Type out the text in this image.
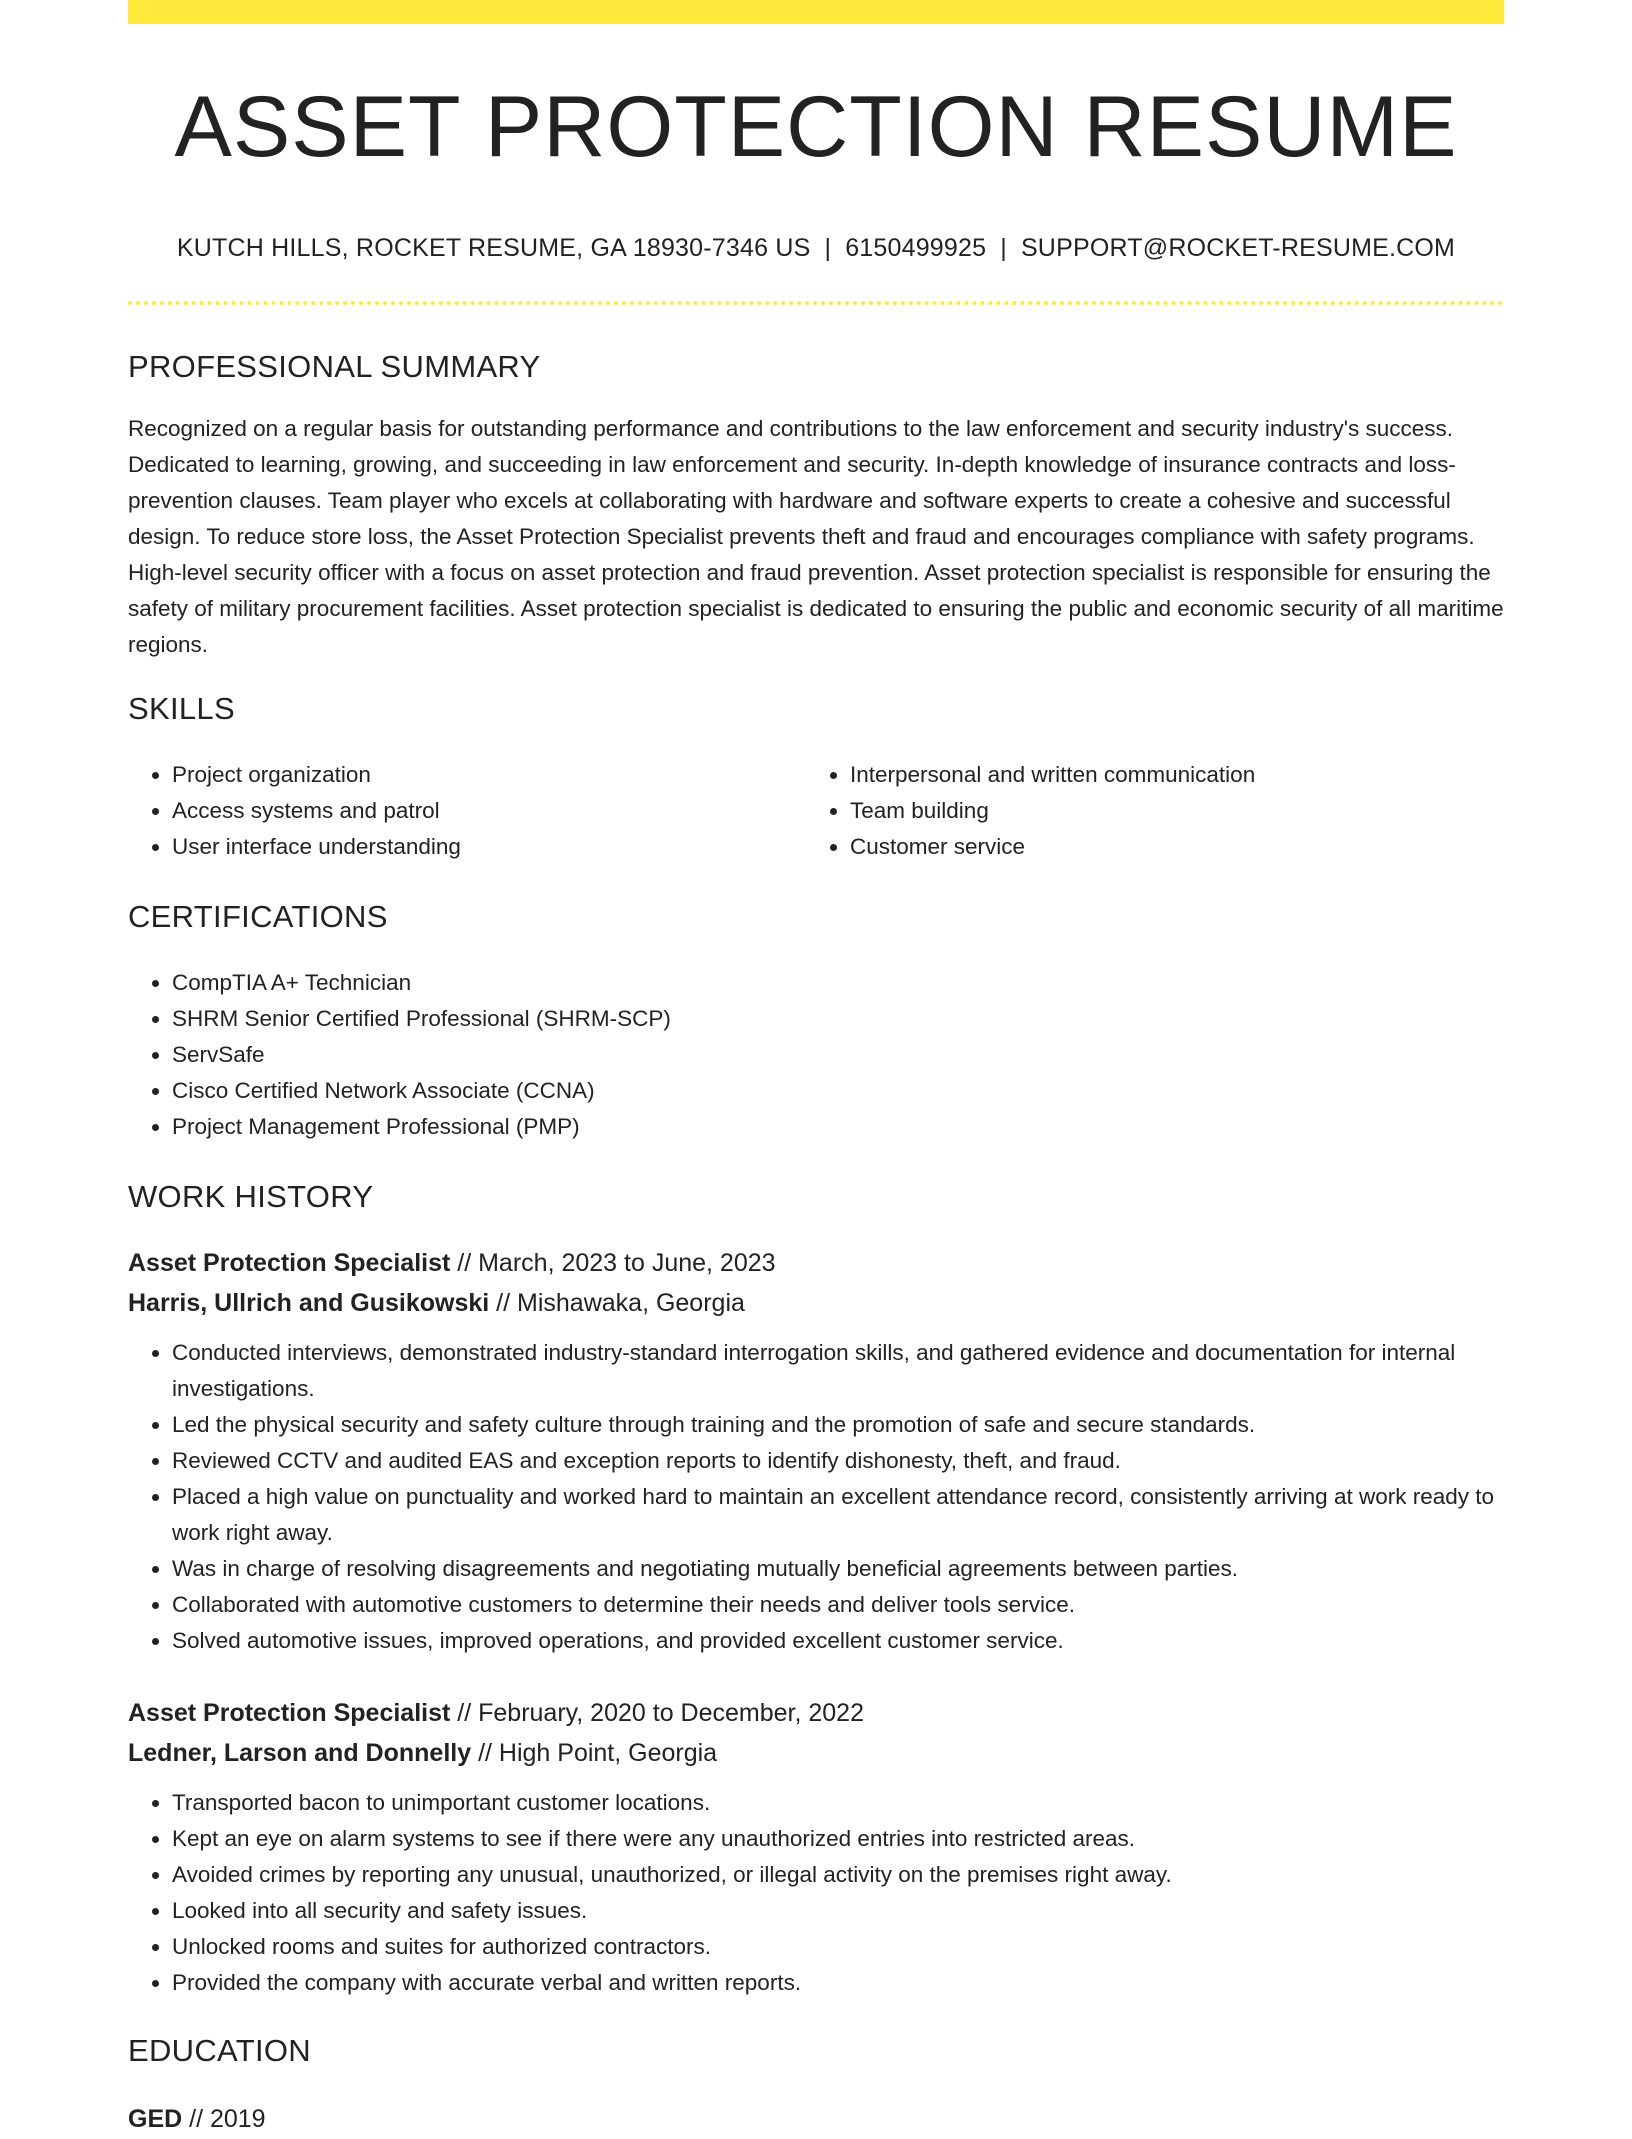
ASSET PROTECTION RESUME
KUTCH HILLS, ROCKET RESUME, GA 18930-7346 US | 6150499925 | SUPPORT@ROCKET-RESUME.COM
PROFESSIONAL SUMMARY
Recognized on a regular basis for outstanding performance and contributions to the law enforcement and security industry's success. Dedicated to learning, growing, and succeeding in law enforcement and security. In-depth knowledge of insurance contracts and loss-prevention clauses. Team player who excels at collaborating with hardware and software experts to create a cohesive and successful design. To reduce store loss, the Asset Protection Specialist prevents theft and fraud and encourages compliance with safety programs. High-level security officer with a focus on asset protection and fraud prevention. Asset protection specialist is responsible for ensuring the safety of military procurement facilities. Asset protection specialist is dedicated to ensuring the public and economic security of all maritime regions.
SKILLS
• Project organization
• Access systems and patrol
• User interface understanding
• Interpersonal and written communication
• Team building
• Customer service
CERTIFICATIONS
• CompTIA A+ Technician
• SHRM Senior Certified Professional (SHRM-SCP)
• ServSafe
• Cisco Certified Network Associate (CCNA)
• Project Management Professional (PMP)
WORK HISTORY
Asset Protection Specialist // March, 2023 to June, 2023
Harris, Ullrich and Gusikowski // Mishawaka, Georgia
• Conducted interviews, demonstrated industry-standard interrogation skills, and gathered evidence and documentation for internal investigations.
• Led the physical security and safety culture through training and the promotion of safe and secure standards.
• Reviewed CCTV and audited EAS and exception reports to identify dishonesty, theft, and fraud.
• Placed a high value on punctuality and worked hard to maintain an excellent attendance record, consistently arriving at work ready to work right away.
• Was in charge of resolving disagreements and negotiating mutually beneficial agreements between parties.
• Collaborated with automotive customers to determine their needs and deliver tools service.
• Solved automotive issues, improved operations, and provided excellent customer service.
Asset Protection Specialist // February, 2020 to December, 2022
Ledner, Larson and Donnelly // High Point, Georgia
• Transported bacon to unimportant customer locations.
• Kept an eye on alarm systems to see if there were any unauthorized entries into restricted areas.
• Avoided crimes by reporting any unusual, unauthorized, or illegal activity on the premises right away.
• Looked into all security and safety issues.
• Unlocked rooms and suites for authorized contractors.
• Provided the company with accurate verbal and written reports.
EDUCATION
GED // 2019
